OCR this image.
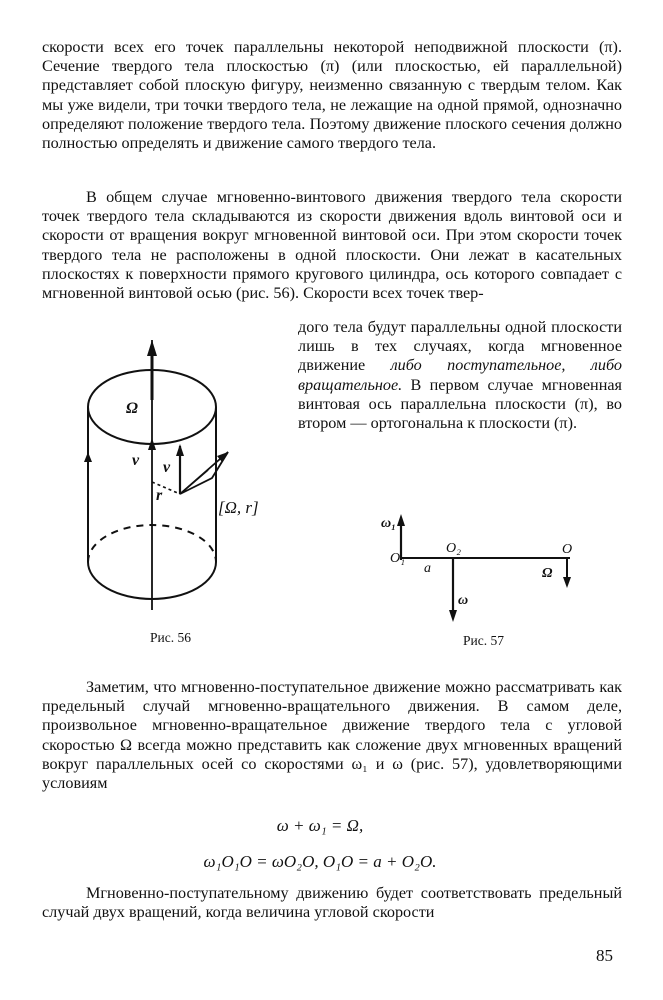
скорости всех его точек параллельны некоторой неподвижной плоскости (π). Сечение твердого тела плоскостью (π) (или плоскостью, ей параллельной) представляет собой плоскую фигуру, неизменно связанную с твердым телом. Как мы уже видели, три точки твердого тела, не лежащие на одной прямой, однозначно определяют положение твердого тела. Поэтому движение плоского сечения должно полностью определять и движение самого твердого тела.

В общем случае мгновенно-винтового движения твердого тела скорости точек твердого тела складываются из скорости движения вдоль винтовой оси и скорости от вращения вокруг мгновенной винтовой оси. При этом скорости точек твердого тела не расположены в одной плоскости. Они лежат в касательных плоскостях к поверхности прямого кругового цилиндра, ось которого совпадает с мгновенной винтовой осью (рис. 56). Скорости всех точек твер-

дого тела будут параллельны одной плоскости лишь в тех случаях, когда мгновенное движение либо поступательное, либо вращательное. В первом случае мгновенная винтовая ось параллельна плоскости (π), во втором — ортогональна к плоскости (π).

Ω
v v
r
[Ω, r]
ω₁
O₁
O₂	O
a
ω
Ω
Рис. 56	Рис. 57

Заметим, что мгновенно-поступательное движение можно рассматривать как предельный случай мгновенно-вращательного движения. В самом деле, произвольное мгновенно-вращательное движение твердого тела с угловой скоростью Ω всегда можно представить как сложение двух мгновенных вращений вокруг параллельных осей со скоростями ω₁ и ω (рис. 57), удовлетворяющими условиям

ω + ω₁ = Ω,
ω₁O₁O = ωO₂O, O₁O = a + O₂O.

Мгновенно-поступательному движению будет соответствовать предельный случай двух вращений, когда величина угловой скорости

85
